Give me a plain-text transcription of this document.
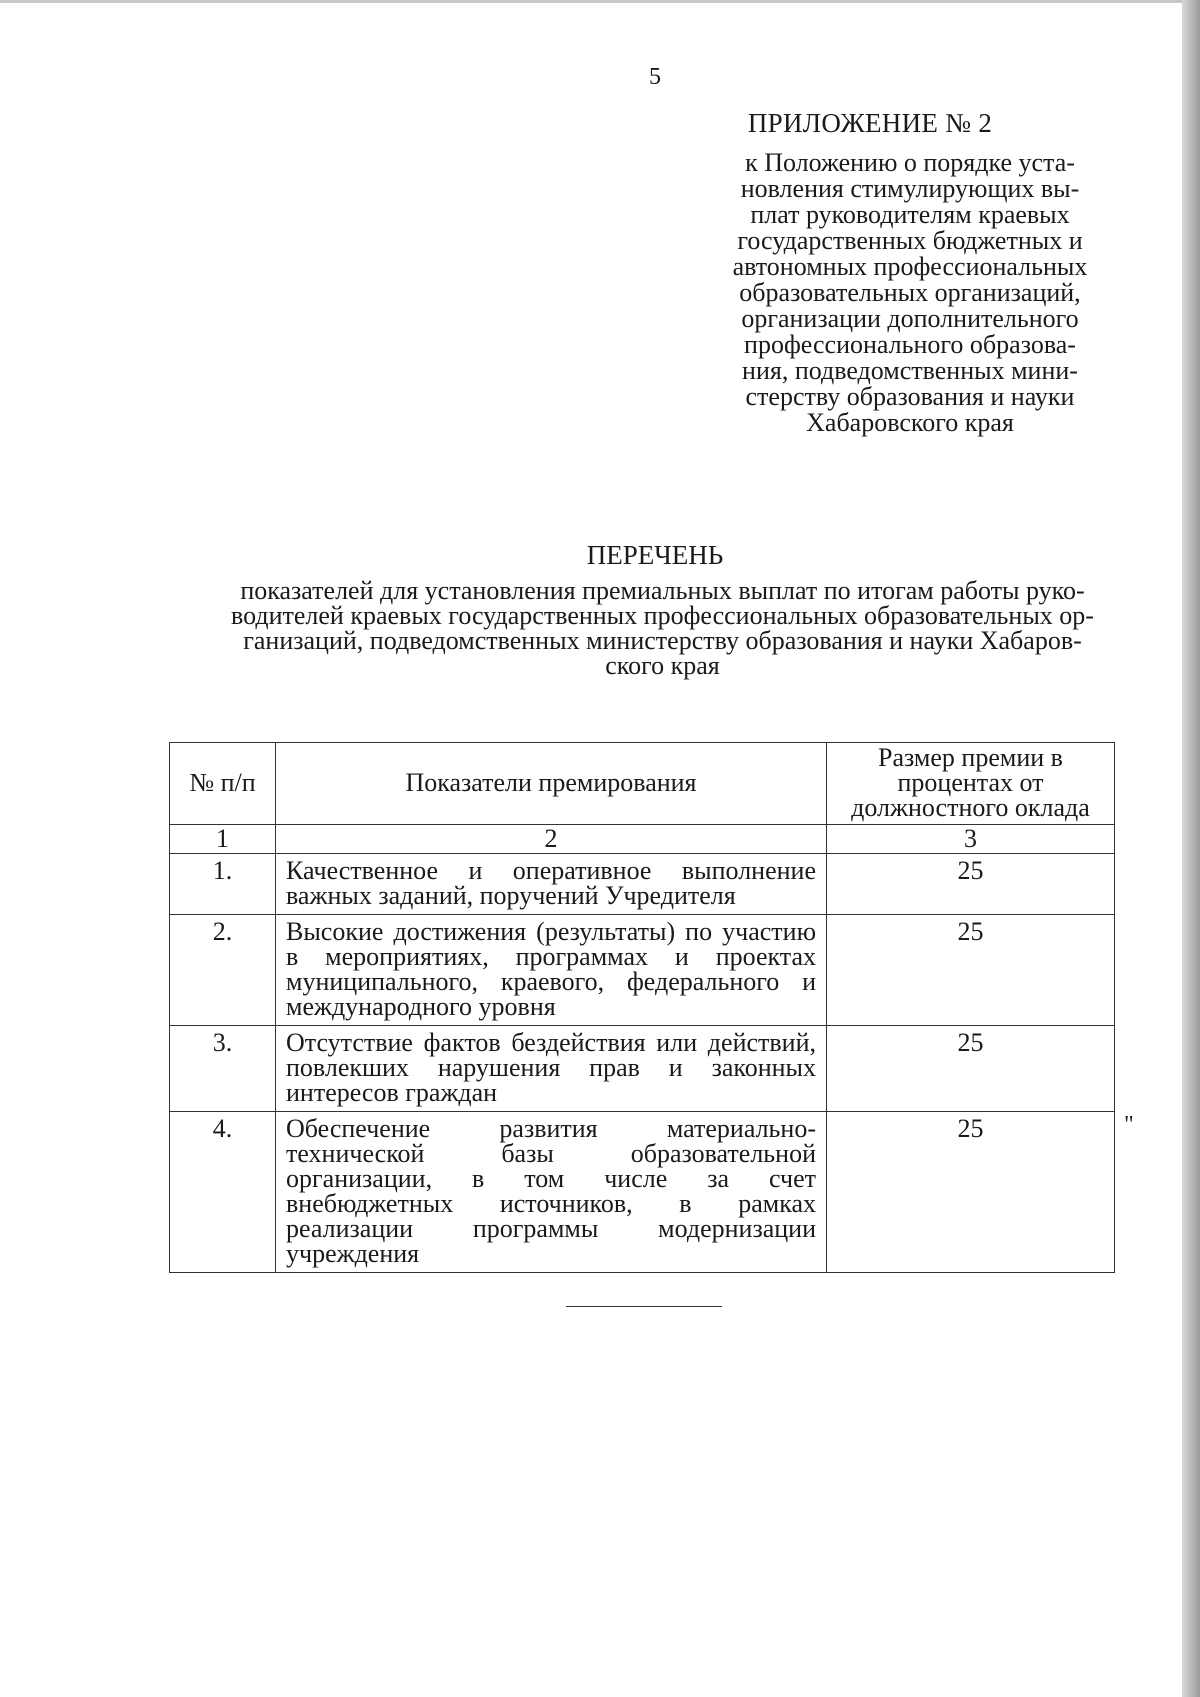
5
ПРИЛОЖЕНИЕ № 2
к Положению о порядке уста-
новления стимулирующих вы-
плат руководителям краевых
государственных бюджетных и
автономных профессиональных
образовательных организаций,
организации дополнительного
профессионального образова-
ния, подведомственных мини-
стерству образования и науки
Хабаровского края
ПЕРЕЧЕНЬ
показателей для установления премиальных выплат по итогам работы руко-
водителей краевых государственных профессиональных образовательных ор-
ганизаций, подведомственных министерству образования и науки Хабаров-
ского края
№ п/п	Показатели премирования	Размер премии в процентах от должностного оклада
1	2	3
1.	Качественное и оперативное выполнение важных заданий, поручений Учредителя	25
2.	Высокие достижения (результаты) по участию в мероприятиях, программах и проектах муниципального, краевого, федерального и международного уровня	25
3.	Отсутствие фактов бездействия или действий, повлекших нарушения прав и законных интересов граждан	25
4.	Обеспечение развития материально-технической базы образовательной организации, в том числе за счет внебюджетных источников, в рамках реализации программы модернизации учреждения	25	"
